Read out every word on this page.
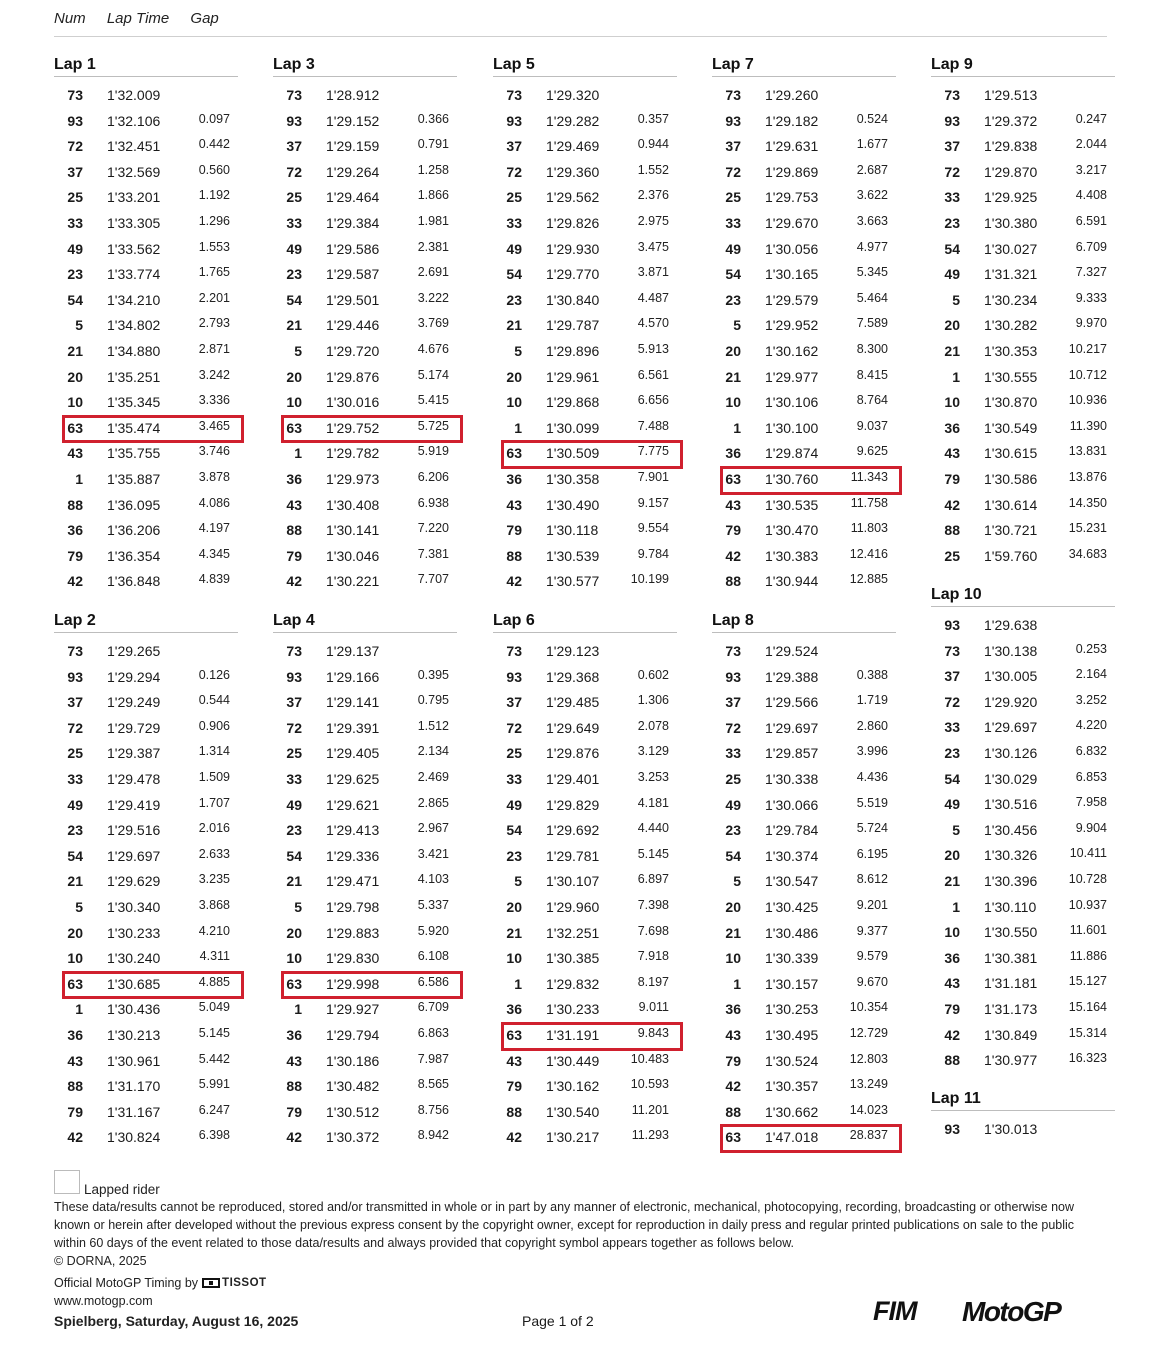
Num Lap Time Gap
Lap 1
73 1'32.009
93 1'32.106	0.097
72 1'32.451	0.442
37 1'32.569	0.560
25 1'33.201	1.192
33 1'33.305	1.296
49 1'33.562	1.553
23 1'33.774	1.765
54 1'34.210	2.201
5 1'34.802	2.793
21 1'34.880	2.871
20 1'35.251	3.242
10 1'35.345	3.336
63 1'35.474	3.465
43 1'35.755	3.746
1 1'35.887	3.878
88 1'36.095	4.086
36 1'36.206	4.197
79 1'36.354	4.345
42 1'36.848	4.839
Lap 2
73 1'29.265
93 1'29.294	0.126
37 1'29.249	0.544
72 1'29.729	0.906
25 1'29.387	1.314
33 1'29.478	1.509
49 1'29.419	1.707
23 1'29.516	2.016
54 1'29.697	2.633
21 1'29.629	3.235
5 1'30.340	3.868
20 1'30.233	4.210
10 1'30.240	4.311
63 1'30.685	4.885
1 1'30.436	5.049
36 1'30.213	5.145
43 1'30.961	5.442
88 1'31.170	5.991
79 1'31.167	6.247
42 1'30.824	6.398
Lap 3
73 1'28.912
93 1'29.152	0.366
37 1'29.159	0.791
72 1'29.264	1.258
25 1'29.464	1.866
33 1'29.384	1.981
49 1'29.586	2.381
23 1'29.587	2.691
54 1'29.501	3.222
21 1'29.446	3.769
5 1'29.720	4.676
20 1'29.876	5.174
10 1'30.016	5.415
63 1'29.752	5.725
1 1'29.782	5.919
36 1'29.973	6.206
43 1'30.408	6.938
88 1'30.141	7.220
79 1'30.046	7.381
42 1'30.221	7.707
Lap 4
73 1'29.137
93 1'29.166	0.395
37 1'29.141	0.795
72 1'29.391	1.512
25 1'29.405	2.134
33 1'29.625	2.469
49 1'29.621	2.865
23 1'29.413	2.967
54 1'29.336	3.421
21 1'29.471	4.103
5 1'29.798	5.337
20 1'29.883	5.920
10 1'29.830	6.108
63 1'29.998	6.586
1 1'29.927	6.709
36 1'29.794	6.863
43 1'30.186	7.987
88 1'30.482	8.565
79 1'30.512	8.756
42 1'30.372	8.942
Lap 5
73 1'29.320
93 1'29.282	0.357
37 1'29.469	0.944
72 1'29.360	1.552
25 1'29.562	2.376
33 1'29.826	2.975
49 1'29.930	3.475
54 1'29.770	3.871
23 1'30.840	4.487
21 1'29.787	4.570
5 1'29.896	5.913
20 1'29.961	6.561
10 1'29.868	6.656
1 1'30.099	7.488
63 1'30.509	7.775
36 1'30.358	7.901
43 1'30.490	9.157
79 1'30.118	9.554
88 1'30.539	9.784
42 1'30.577	10.199
Lap 6
73 1'29.123
93 1'29.368	0.602
37 1'29.485	1.306
72 1'29.649	2.078
25 1'29.876	3.129
33 1'29.401	3.253
49 1'29.829	4.181
54 1'29.692	4.440
23 1'29.781	5.145
5 1'30.107	6.897
20 1'29.960	7.398
21 1'32.251	7.698
10 1'30.385	7.918
1 1'29.832	8.197
36 1'30.233	9.011
63 1'31.191	9.843
43 1'30.449	10.483
79 1'30.162	10.593
88 1'30.540	11.201
42 1'30.217	11.293
Lap 7
73 1'29.260
93 1'29.182	0.524
37 1'29.631	1.677
72 1'29.869	2.687
25 1'29.753	3.622
33 1'29.670	3.663
49 1'30.056	4.977
54 1'30.165	5.345
23 1'29.579	5.464
5 1'29.952	7.589
20 1'30.162	8.300
21 1'29.977	8.415
10 1'30.106	8.764
1 1'30.100	9.037
36 1'29.874	9.625
63 1'30.760	11.343
43 1'30.535	11.758
79 1'30.470	11.803
42 1'30.383	12.416
88 1'30.944	12.885
Lap 8
73 1'29.524
93 1'29.388	0.388
37 1'29.566	1.719
72 1'29.697	2.860
33 1'29.857	3.996
25 1'30.338	4.436
49 1'30.066	5.519
23 1'29.784	5.724
54 1'30.374	6.195
5 1'30.547	8.612
20 1'30.425	9.201
21 1'30.486	9.377
10 1'30.339	9.579
1 1'30.157	9.670
36 1'30.253	10.354
43 1'30.495	12.729
79 1'30.524	12.803
42 1'30.357	13.249
88 1'30.662	14.023
63 1'47.018	28.837
Lap 9
73 1'29.513
93 1'29.372	0.247
37 1'29.838	2.044
72 1'29.870	3.217
33 1'29.925	4.408
23 1'30.380	6.591
54 1'30.027	6.709
49 1'31.321	7.327
5 1'30.234	9.333
20 1'30.282	9.970
21 1'30.353	10.217
1 1'30.555	10.712
10 1'30.870	10.936
36 1'30.549	11.390
43 1'30.615	13.831
79 1'30.586	13.876
42 1'30.614	14.350
88 1'30.721	15.231
25 1'59.760	34.683
Lap 10
93 1'29.638
73 1'30.138	0.253
37 1'30.005	2.164
72 1'29.920	3.252
33 1'29.697	4.220
23 1'30.126	6.832
54 1'30.029	6.853
49 1'30.516	7.958
5 1'30.456	9.904
20 1'30.326	10.411
21 1'30.396	10.728
1 1'30.110	10.937
10 1'30.550	11.601
36 1'30.381	11.886
43 1'31.181	15.127
79 1'31.173	15.164
42 1'30.849	15.314
88 1'30.977	16.323
Lap 11
93 1'30.013
Lapped rider
These data/results cannot be reproduced, stored and/or transmitted in whole or in part by any manner of electronic, mechanical, photocopying, recording, broadcasting or otherwise now known or herein after developed without the previous express consent by the copyright owner, except for reproduction in daily press and regular printed publications on sale to the public within 60 days of the event related to those data/results and always provided that copyright symbol appears together as follows below.
© DORNA, 2025
Official MotoGP Timing by TISSOT
www.motogp.com
Spielberg, Saturday, August 16, 2025	Page 1 of 2	FIM MotoGP
